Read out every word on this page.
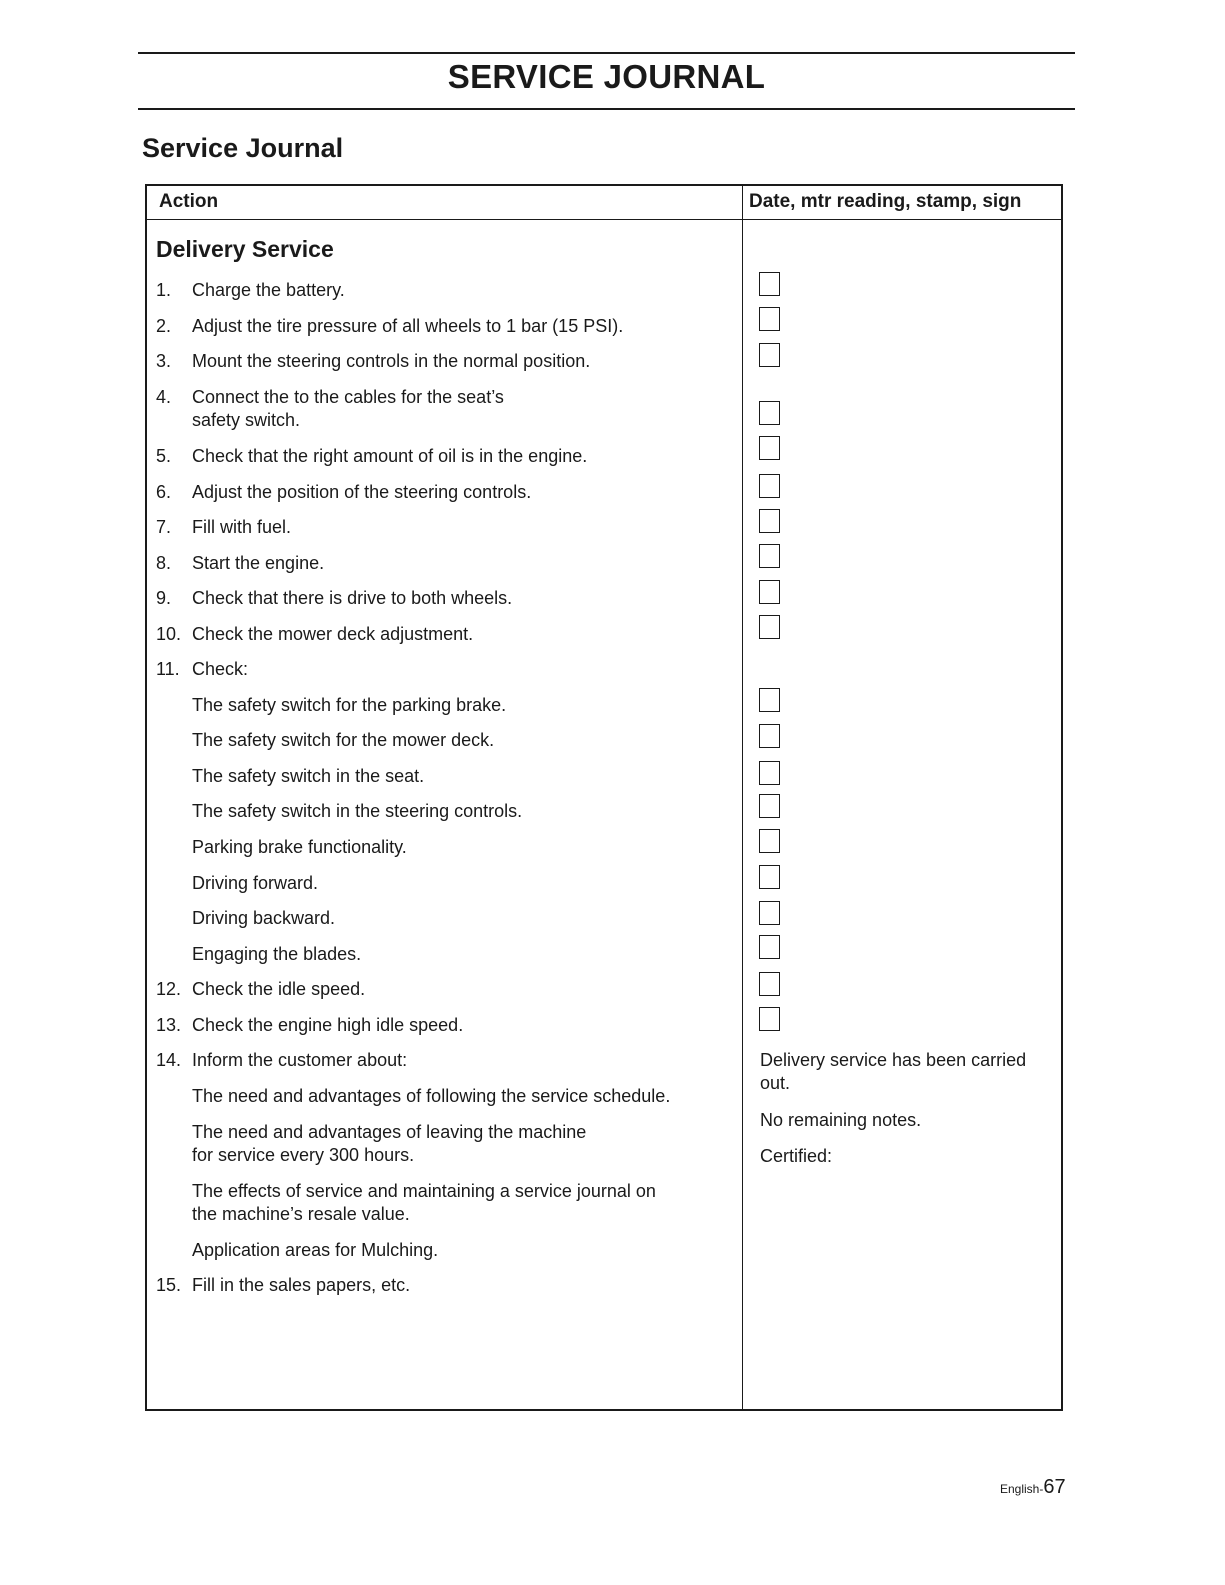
SERVICE JOURNAL
Service Journal
Action	Date, mtr reading, stamp, sign
Delivery Service
1. Charge the battery.
2. Adjust the tire pressure of all wheels to 1 bar (15 PSI).
3. Mount the steering controls in the normal position.
4. Connect the to the cables for the seat’s
safety switch.
5. Check that the right amount of oil is in the engine.
6. Adjust the position of the steering controls.
7. Fill with fuel.
8. Start the engine.
9. Check that there is drive to both wheels.
10. Check the mower deck adjustment.
11. Check:
The safety switch for the parking brake.
The safety switch for the mower deck.
The safety switch in the seat.
The safety switch in the steering controls.
Parking brake functionality.
Driving forward.
Driving backward.
Engaging the blades.
12. Check the idle speed.
13. Check the engine high idle speed.
14. Inform the customer about:
The need and advantages of following the service schedule.
The need and advantages of leaving the machine
for service every 300 hours.
The effects of service and maintaining a service journal on
the machine’s resale value.
Application areas for Mulching.
15. Fill in the sales papers, etc.
Delivery service has been carried out.
No remaining notes.
Certified:
English-67
